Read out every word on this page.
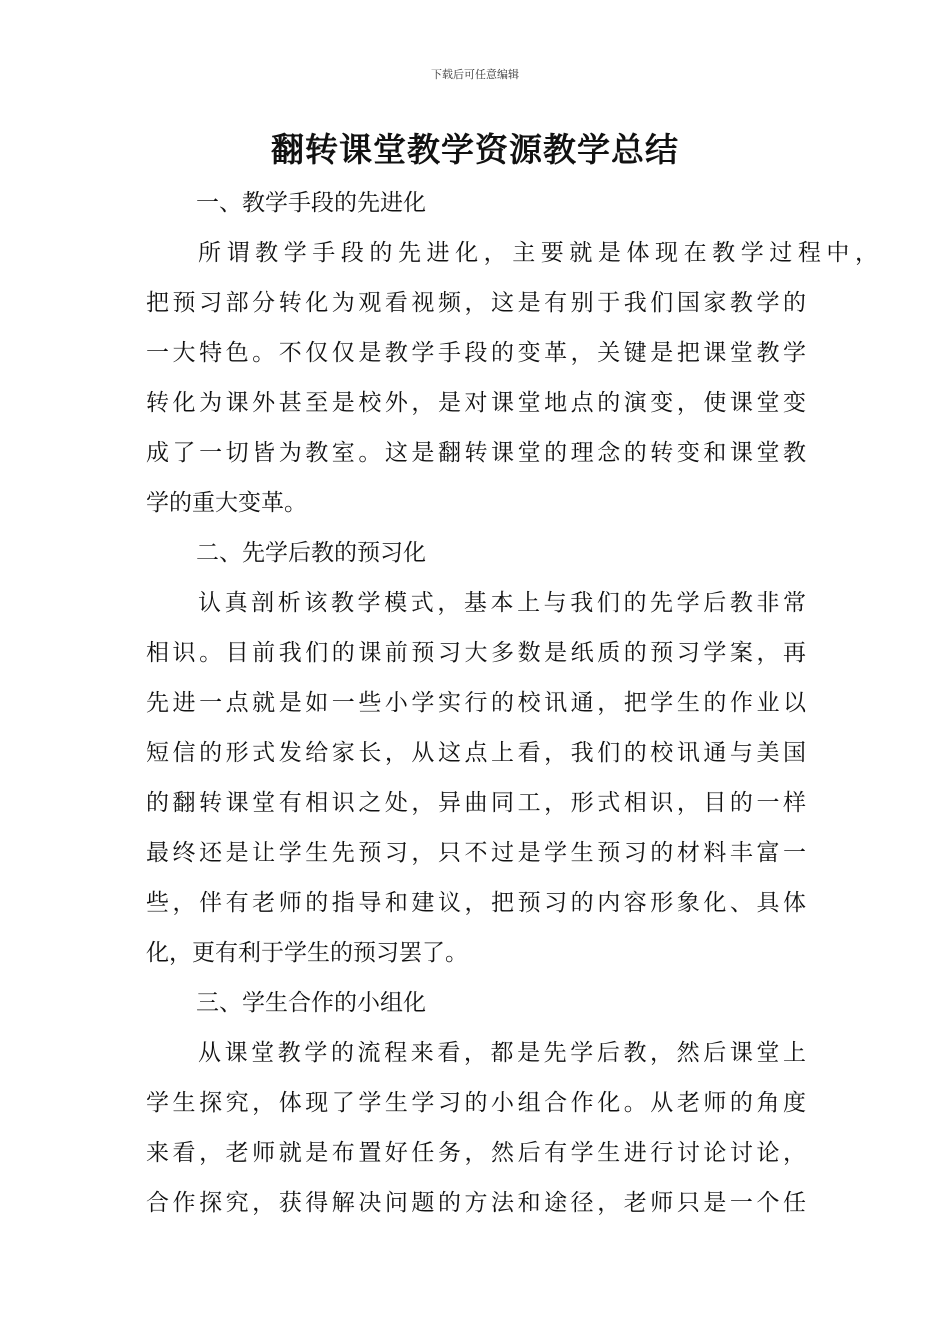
下载后可任意编辑
翻转课堂教学资源教学总结
一、教学手段的先进化
所谓教学手段的先进化，主要就是体现在教学过程中，
把预习部分转化为观看视频，这是有别于我们国家教学的
一大特色。不仅仅是教学手段的变革，关键是把课堂教学
转化为课外甚至是校外，是对课堂地点的演变，使课堂变
成了一切皆为教室。这是翻转课堂的理念的转变和课堂教
学的重大变革。
二、先学后教的预习化
认真剖析该教学模式，基本上与我们的先学后教非常
相识。目前我们的课前预习大多数是纸质的预习学案，再
先进一点就是如一些小学实行的校讯通，把学生的作业以
短信的形式发给家长，从这点上看，我们的校讯通与美国
的翻转课堂有相识之处，异曲同工，形式相识，目的一样
最终还是让学生先预习，只不过是学生预习的材料丰富一
些，伴有老师的指导和建议，把预习的内容形象化、具体
化，更有利于学生的预习罢了。
三、学生合作的小组化
从课堂教学的流程来看，都是先学后教，然后课堂上
学生探究，体现了学生学习的小组合作化。从老师的角度
来看，老师就是布置好任务，然后有学生进行讨论讨论，
合作探究，获得解决问题的方法和途径，老师只是一个任
